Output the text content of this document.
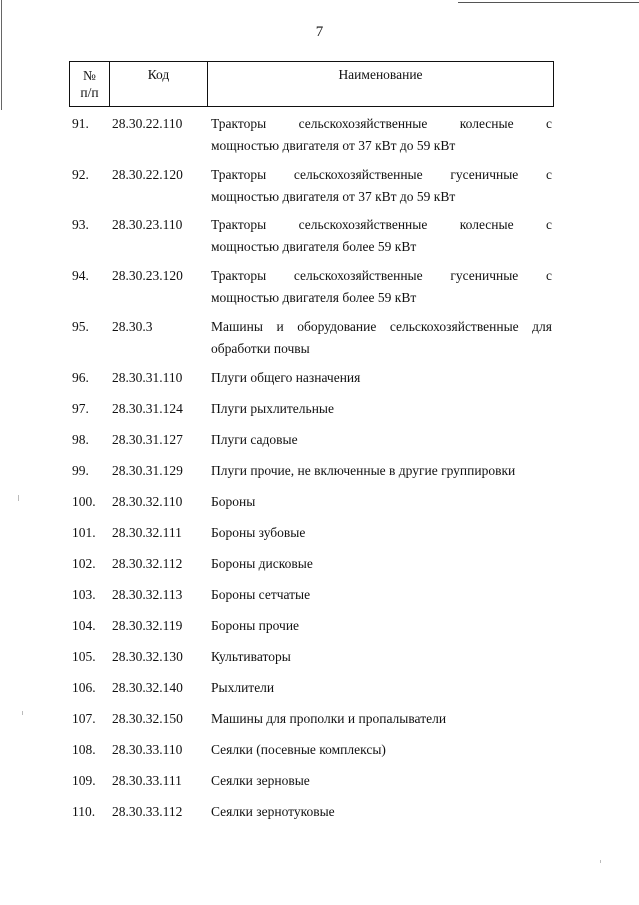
7
№
п/п
Код	Наименование
91. 28.30.22.110 Тракторы сельскохозяйственные колесные с
мощностью двигателя от 37 кВт до 59 кВт
92. 28.30.22.120 Тракторы сельскохозяйственные гусеничные с
мощностью двигателя от 37 кВт до 59 кВт
93. 28.30.23.110 Тракторы сельскохозяйственные колесные с
мощностью двигателя более 59 кВт
94. 28.30.23.120 Тракторы сельскохозяйственные гусеничные с
мощностью двигателя более 59 кВт
95. 28.30.3	Машины и оборудование сельскохозяйственные для
обработки почвы
96. 28.30.31.110 Плуги общего назначения
97. 28.30.31.124 Плуги рыхлительные
98. 28.30.31.127 Плуги садовые
99. 28.30.31.129 Плуги прочие, не включенные в другие группировки
100. 28.30.32.110 Бороны
101. 28.30.32.111 Бороны зубовые
102. 28.30.32.112 Бороны дисковые
103. 28.30.32.113 Бороны сетчатые
104. 28.30.32.119 Бороны прочие
105. 28.30.32.130 Культиваторы
106. 28.30.32.140 Рыхлители
107. 28.30.32.150 Машины для прополки и пропалыватели
108. 28.30.33.110 Сеялки (посевные комплексы)
109. 28.30.33.111 Сеялки зерновые
110. 28.30.33.112 Сеялки зернотуковые
